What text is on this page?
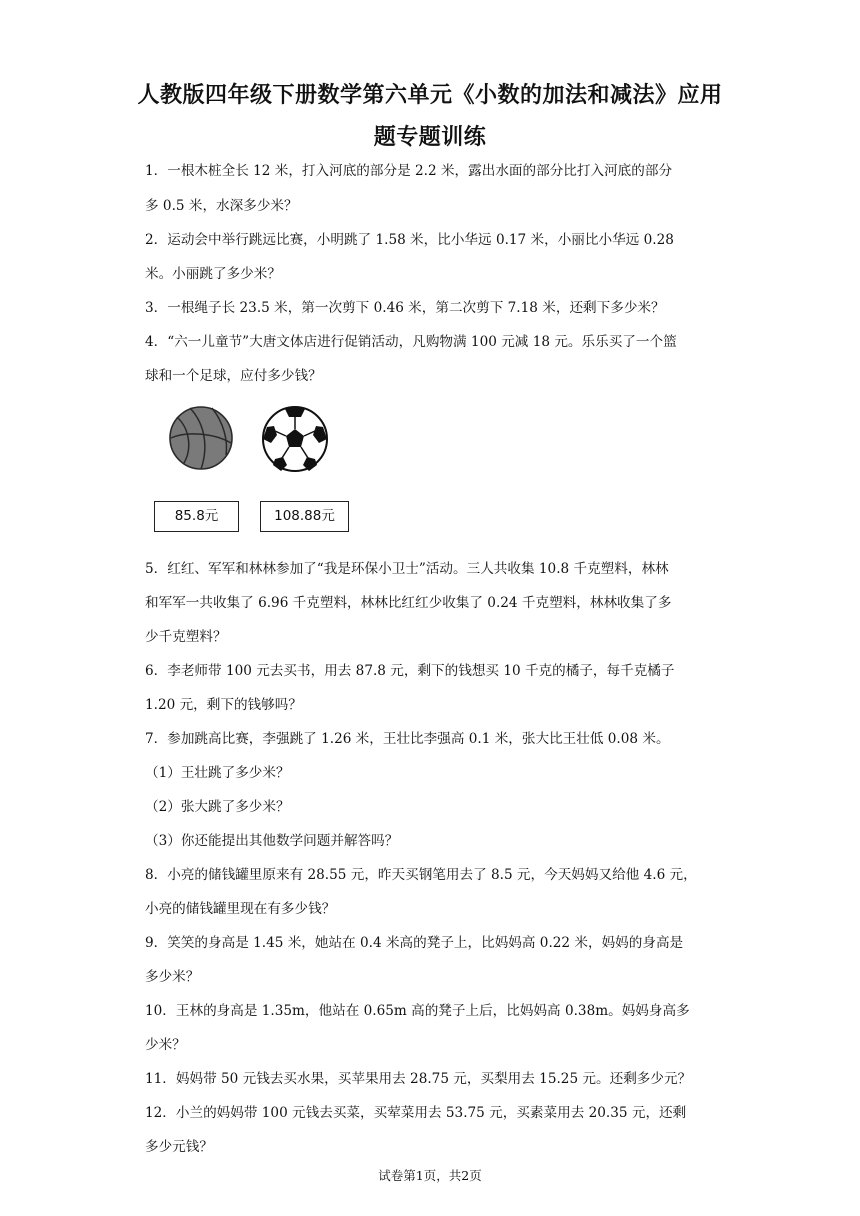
人教版四年级下册数学第六单元《小数的加法和减法》应用
题专题训练
1．一根木桩全长 12 米，打入河底的部分是 2.2 米，露出水面的部分比打入河底的部分
多 0.5 米，水深多少米？
2．运动会中举行跳远比赛，小明跳了 1.58 米，比小华远 0.17 米，小丽比小华远 0.28
米。小丽跳了多少米？
3．一根绳子长 23.5 米，第一次剪下 0.46 米，第二次剪下 7.18 米，还剩下多少米？
4．“六一儿童节”大唐文体店进行促销活动，凡购物满 100 元减 18 元。乐乐买了一个篮
球和一个足球，应付多少钱？
85.8元	108.88元
5．红红、军军和林林参加了“我是环保小卫士”活动。三人共收集 10.8 千克塑料，林林
和军军一共收集了 6.96 千克塑料，林林比红红少收集了 0.24 千克塑料，林林收集了多
少千克塑料？
6．李老师带 100 元去买书，用去 87.8 元，剩下的钱想买 10 千克的橘子，每千克橘子
1.20 元，剩下的钱够吗？
7．参加跳高比赛，李强跳了 1.26 米，王壮比李强高 0.1 米，张大比王壮低 0.08 米。
（1）王壮跳了多少米？
（2）张大跳了多少米？
（3）你还能提出其他数学问题并解答吗？
8．小亮的储钱罐里原来有 28.55 元，昨天买钢笔用去了 8.5 元，今天妈妈又给他 4.6 元，
小亮的储钱罐里现在有多少钱？
9．笑笑的身高是 1.45 米，她站在 0.4 米高的凳子上，比妈妈高 0.22 米，妈妈的身高是
多少米？
10．王林的身高是 1.35m，他站在 0.65m 高的凳子上后，比妈妈高 0.38m。妈妈身高多
少米？
11．妈妈带 50 元钱去买水果，买苹果用去 28.75 元，买梨用去 15.25 元。还剩多少元？
12．小兰的妈妈带 100 元钱去买菜，买荤菜用去 53.75 元，买素菜用去 20.35 元，还剩
多少元钱？
试卷第1页，共2页
